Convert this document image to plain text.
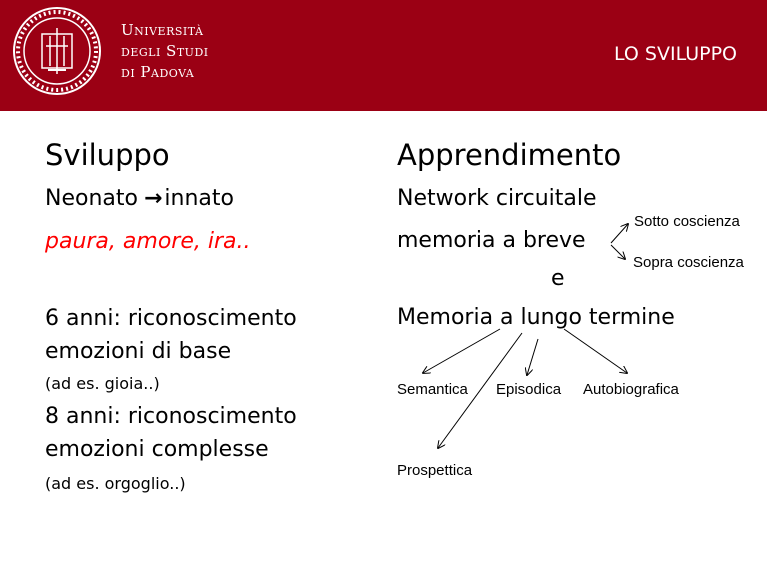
Università
degli Studi
di Padova
LO SVILUPPO
Sviluppo
Neonato →innato
paura, amore, ira..
6 anni: riconoscimento
emozioni di base
(ad es. gioia..)
8 anni: riconoscimento
emozioni complesse
(ad es. orgoglio..)
Apprendimento
Network circuitale
memoria a breve
Sotto coscienza
Sopra coscienza
e
Memoria a lungo termine
Semantica Episodica Autobiografica
Prospettica
